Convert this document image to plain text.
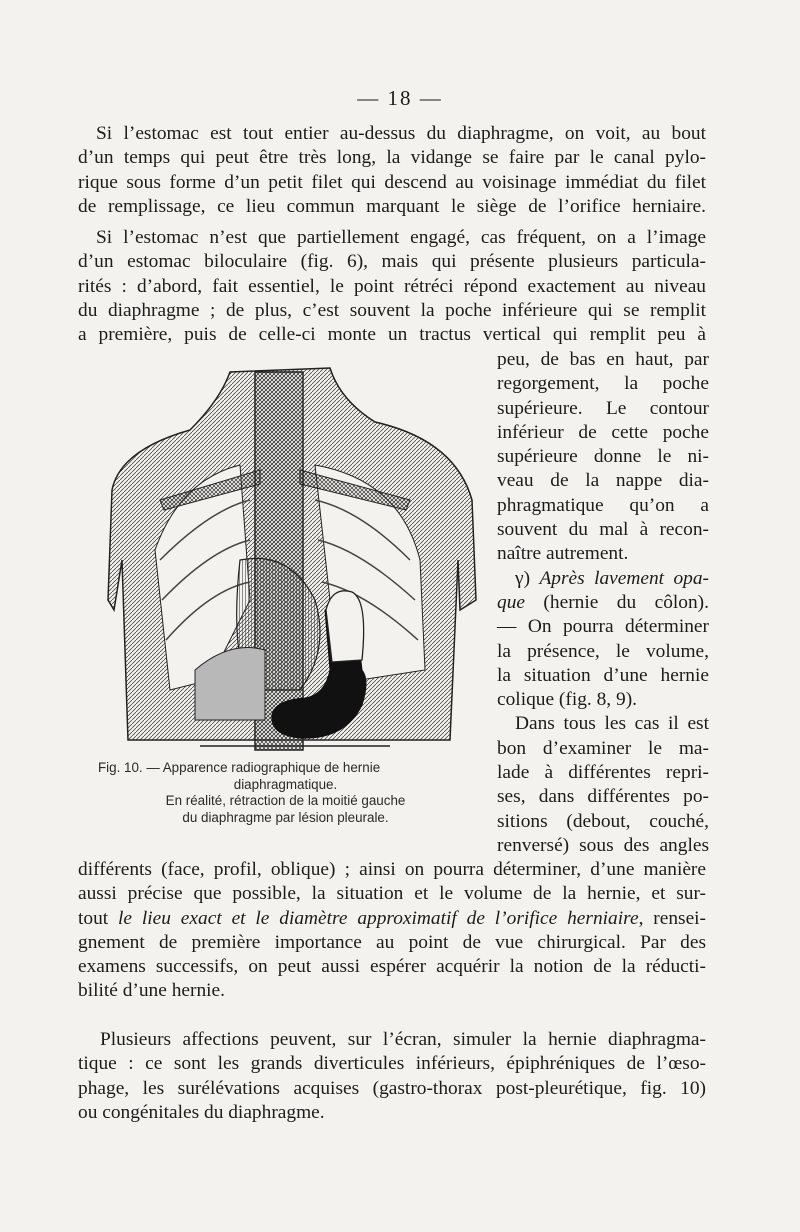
— 18 —
Si l’estomac est tout entier au-dessus du diaphragme, on voit, au bout
d’un temps qui peut être très long, la vidange se faire par le canal pylo-
rique sous forme d’un petit filet qui descend au voisinage immédiat du filet
de remplissage, ce lieu commun marquant le siège de l’orifice herniaire.
Si l’estomac n’est que partiellement engagé, cas fréquent, on a l’image
d’un estomac biloculaire (fig. 6), mais qui présente plusieurs particula-
rités : d’abord, fait essentiel, le point rétréci répond exactement au niveau
du diaphragme ; de plus, c’est souvent la poche inférieure qui se remplit
a première, puis de celle-ci monte un tractus vertical qui remplit peu à
peu, de bas en haut, par
regorgement, la poche
supérieure. Le contour
inférieur de cette poche
supérieure donne le ni-
veau de la nappe dia-
phragmatique qu’on a
souvent du mal à recon-
naître autrement.
γ) Après lavement opa-
que (hernie du côlon).
— On pourra déterminer
la présence, le volume,
la situation d’une hernie
colique (fig. 8, 9).
Dans tous les cas il est
bon d’examiner le ma-
lade à différentes repri-
ses, dans différentes po-
sitions (debout, couché,
renversé) sous des angles
Fig. 10. — Apparence radiographique de hernie
diaphragmatique.
En réalité, rétraction de la moitié gauche
du diaphragme par lésion pleurale.
différents (face, profil, oblique) ; ainsi on pourra déterminer, d’une manière
aussi précise que possible, la situation et le volume de la hernie, et sur-
tout le lieu exact et le diamètre approximatif de l’orifice herniaire, rensei-
gnement de première importance au point de vue chirurgical. Par des
examens successifs, on peut aussi espérer acquérir la notion de la réducti-
bilité d’une hernie.
Plusieurs affections peuvent, sur l’écran, simuler la hernie diaphragma-
tique : ce sont les grands diverticules inférieurs, épiphréniques de l’œso-
phage, les surélévations acquises (gastro-thorax post-pleurétique, fig. 10)
ou congénitales du diaphragme.
